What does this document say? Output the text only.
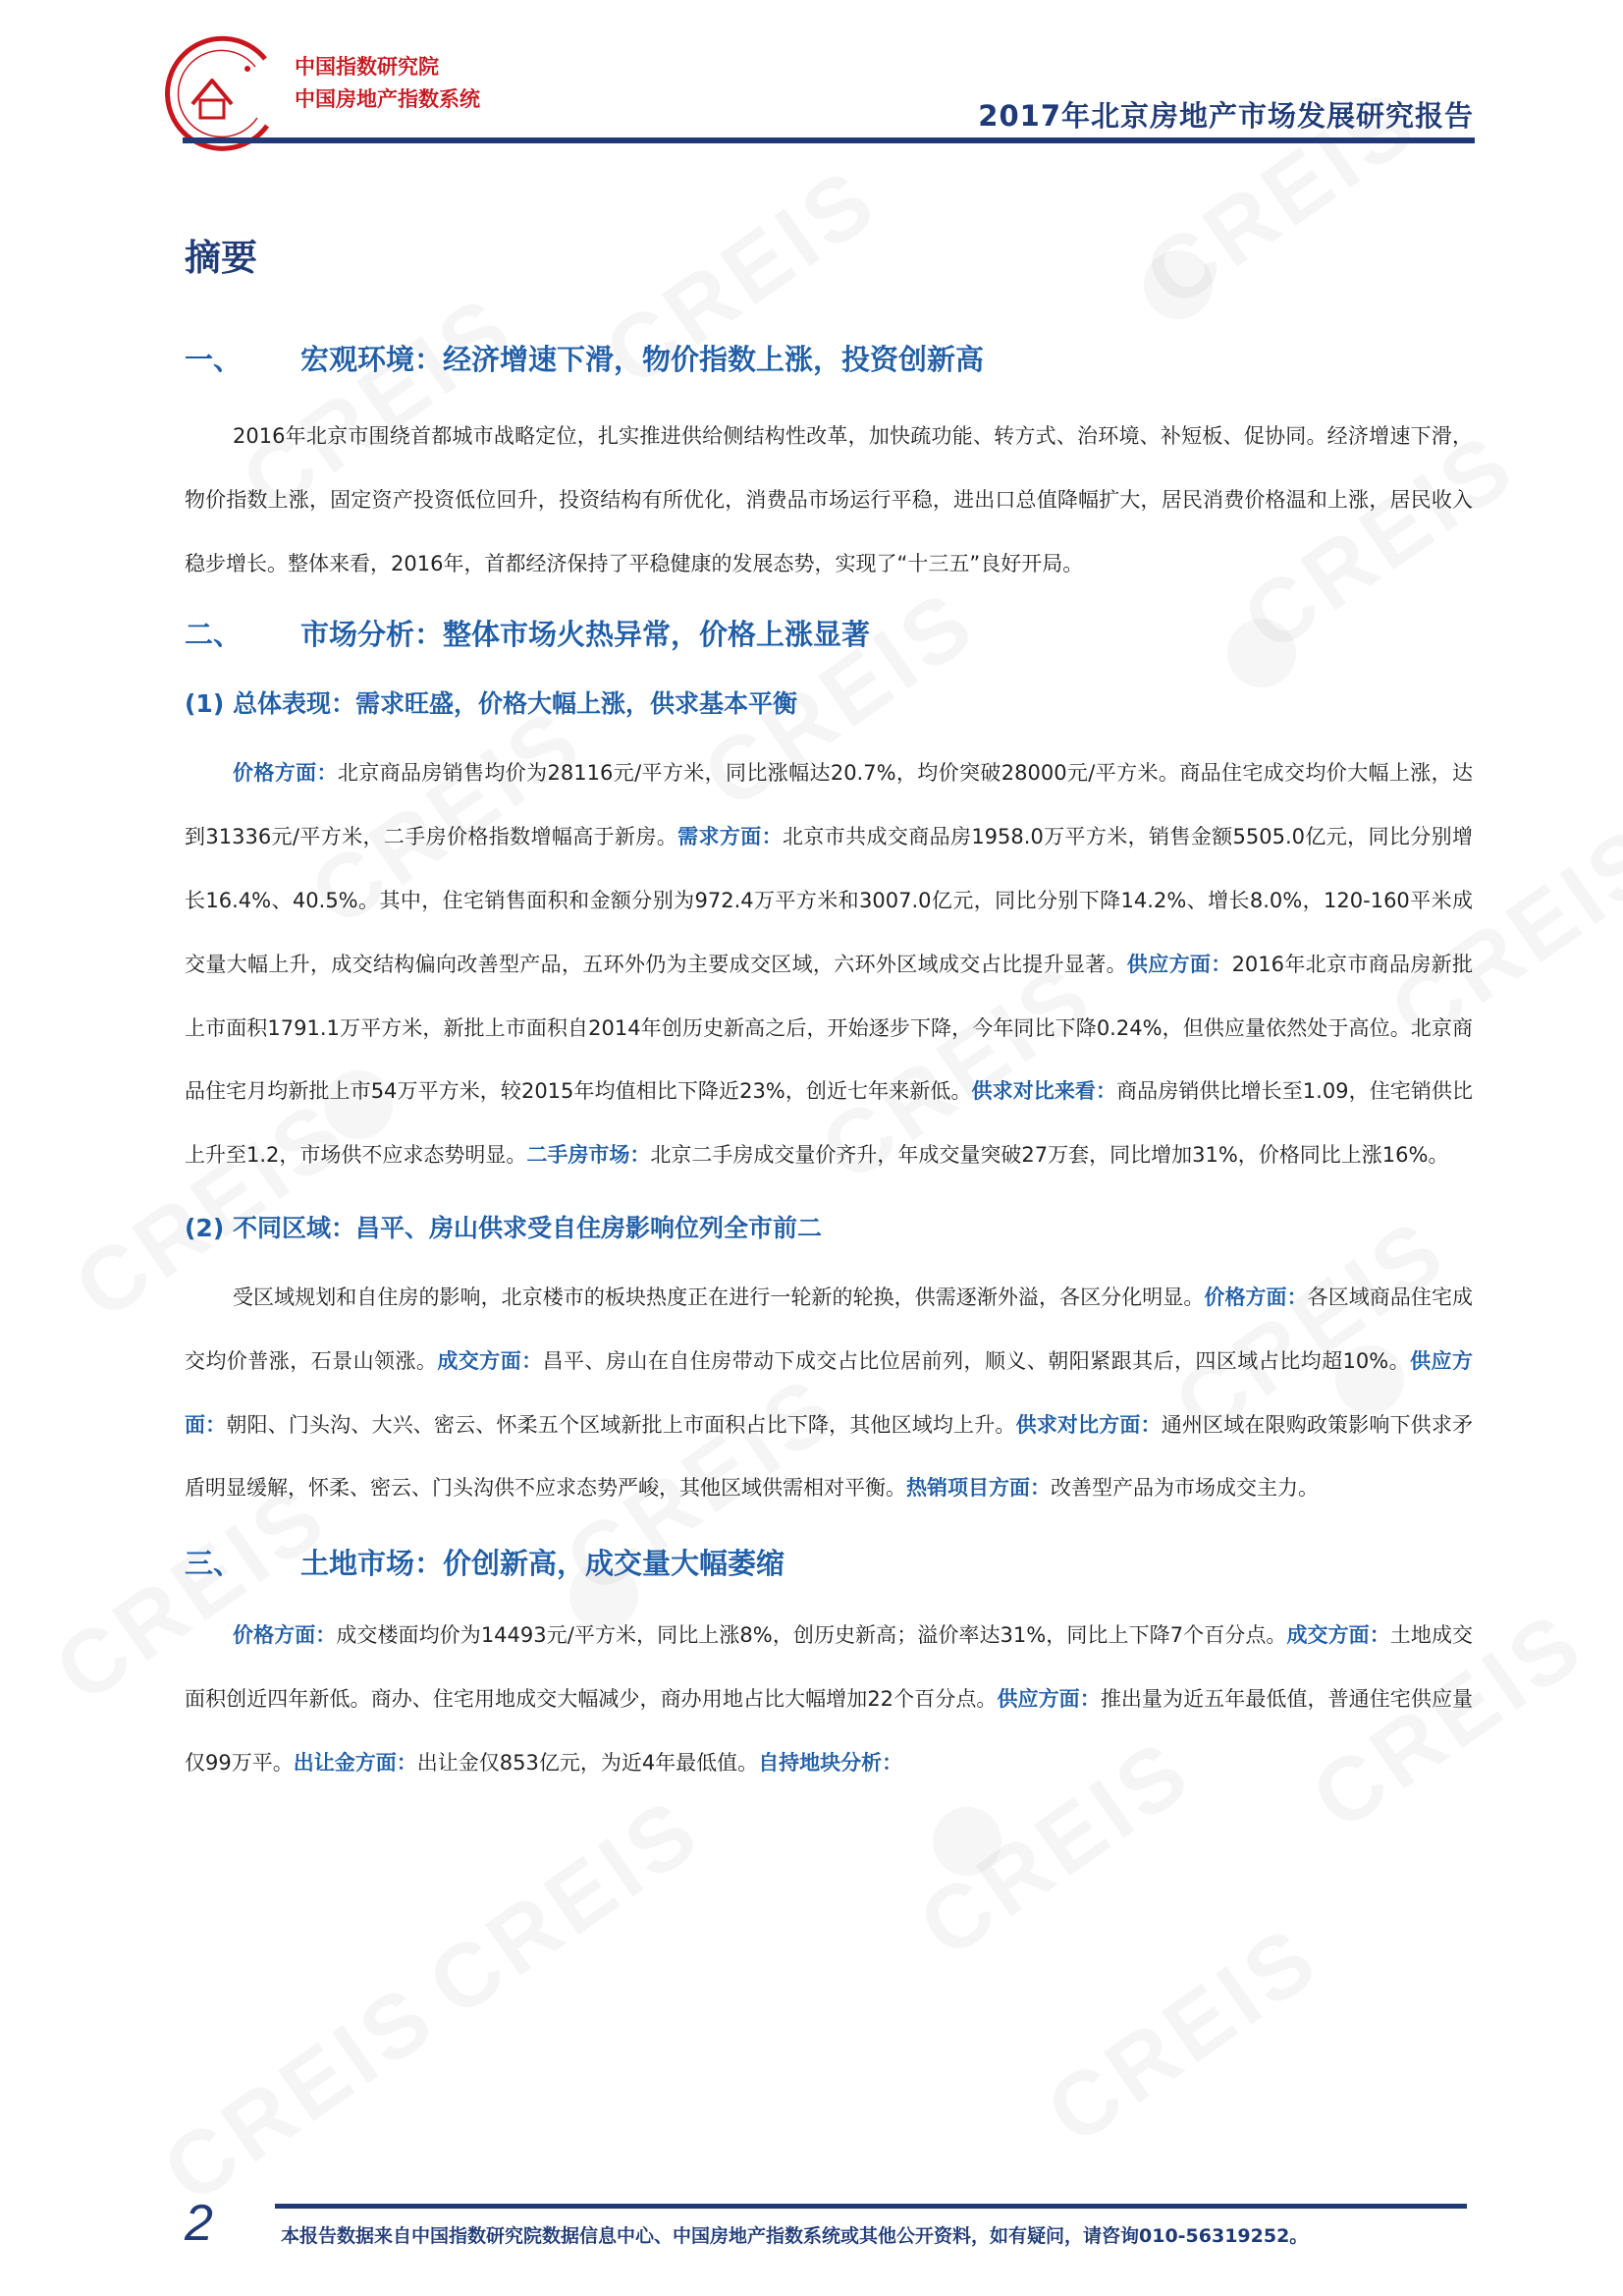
中国指数研究院
中国房地产指数系统	2017年北京房地产市场发展研究报告
摘要
一、 宏观环境：经济增速下滑，物价指数上涨，投资创新高

2016年北京市围绕首都城市战略定位，扎实推进供给侧结构性改革，加快疏功能、转方式、治环境、补短板、促协同。经济增速下滑，物价指数上涨，固定资产投资低位回升，投资结构有所优化，消费品市场运行平稳，进出口总值降幅扩大，居民消费价格温和上涨，居民收入稳步增长。整体来看，2016年，首都经济保持了平稳健康的发展态势，实现了“十三五”良好开局。

二、 市场分析：整体市场火热异常，价格上涨显著
(1) 总体表现：需求旺盛，价格大幅上涨，供求基本平衡

价格方面：北京商品房销售均价为28116元/平方米，同比涨幅达20.7%，均价突破28000元/平方米。商品住宅成交均价大幅上涨，达到31336元/平方米，二手房价格指数增幅高于新房。需求方面：北京市共成交商品房1958.0万平方米，销售金额5505.0亿元，同比分别增长16.4%、40.5%。其中，住宅销售面积和金额分别为972.4万平方米和3007.0亿元，同比分别下降14.2%、增长8.0%，120-160平米成交量大幅上升，成交结构偏向改善型产品，五环外仍为主要成交区域，六环外区域成交占比提升显著。供应方面：2016年北京市商品房新批上市面积1791.1万平方米，新批上市面积自2014年创历史新高之后，开始逐步下降，今年同比下降0.24%，但供应量依然处于高位。北京商品住宅月均新批上市54万平方米，较2015年均值相比下降近23%，创近七年来新低。供求对比来看：商品房销供比增长至1.09，住宅销供比上升至1.2，市场供不应求态势明显。二手房市场：北京二手房成交量价齐升，年成交量突破27万套，同比增加31%，价格同比上涨16%。

(2) 不同区域：昌平、房山供求受自住房影响位列全市前二

受区域规划和自住房的影响，北京楼市的板块热度正在进行一轮新的轮换，供需逐渐外溢，各区分化明显。价格方面：各区域商品住宅成交均价普涨，石景山领涨。成交方面：昌平、房山在自住房带动下成交占比位居前列，顺义、朝阳紧跟其后，四区域占比均超10%。供应方面：朝阳、门头沟、大兴、密云、怀柔五个区域新批上市面积占比下降，其他区域均上升。供求对比方面：通州区域在限购政策影响下供求矛盾明显缓解，怀柔、密云、门头沟供不应求态势严峻，其他区域供需相对平衡。热销项目方面：改善型产品为市场成交主力。

三、 土地市场：价创新高，成交量大幅萎缩

价格方面：成交楼面均价为14493元/平方米，同比上涨8%，创历史新高；溢价率达31%，同比上下降7个百分点。成交方面：土地成交面积创近四年新低。商办、住宅用地成交大幅减少，商办用地占比大幅增加22个百分点。供应方面：推出量为近五年最低值，普通住宅供应量仅99万平。出让金方面：出让金仅853亿元，为近4年最低值。自持地块分析：

2	本报告数据来自中国指数研究院数据信息中心、中国房地产指数系统或其他公开资料，如有疑问，请咨询010-56319252。
